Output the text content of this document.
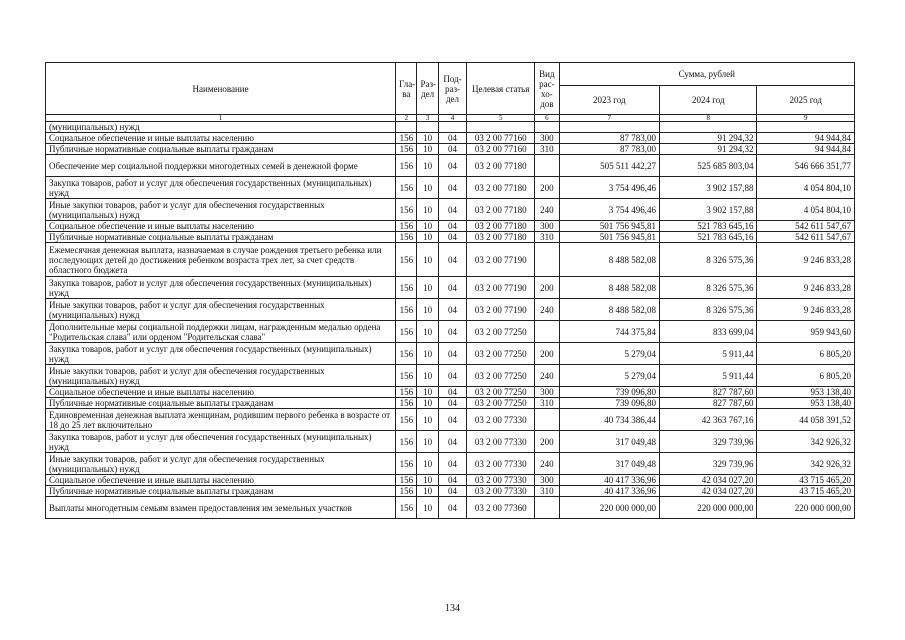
Наименование	Гла-ва	Раз-дел	Под-раз-дел	Целевая статья	Вид рас-хо-дов	Сумма, рублей		
						2023 год	2024 год	2025 год
1	2	3	4	5	6	7	8	9
(муниципальных) нужд								
Социальное обеспечение и иные выплаты населению	156	10	04	03 2 00 77160	300	87 783,00	91 294,32	94 944,84
Публичные нормативные социальные выплаты гражданам	156	10	04	03 2 00 77160	310	87 783,00	91 294,32	94 944,84
Обеспечение мер социальной поддержки многодетных семей в денежной форме	156	10	04	03 2 00 77180		505 511 442,27	525 685 803,04	546 666 351,77
Закупка товаров, работ и услуг для обеспечения государственных (муниципальных) нужд	156	10	04	03 2 00 77180	200	3 754 496,46	3 902 157,88	4 054 804,10
Иные закупки товаров, работ и услуг для обеспечения государственных (муниципальных) нужд	156	10	04	03 2 00 77180	240	3 754 496,46	3 902 157,88	4 054 804,10
Социальное обеспечение и иные выплаты населению	156	10	04	03 2 00 77180	300	501 756 945,81	521 783 645,16	542 611 547,67
Публичные нормативные социальные выплаты гражданам	156	10	04	03 2 00 77180	310	501 756 945,81	521 783 645,16	542 611 547,67
Ежемесячная денежная выплата, назначаемая в случае рождения третьего ребенка или последующих детей до достижения ребенком возраста трех лет, за счет средств областного бюджета	156	10	04	03 2 00 77190		8 488 582,08	8 326 575,36	9 246 833,28
Закупка товаров, работ и услуг для обеспечения государственных (муниципальных) нужд	156	10	04	03 2 00 77190	200	8 488 582,08	8 326 575,36	9 246 833,28
Иные закупки товаров, работ и услуг для обеспечения государственных (муниципальных) нужд	156	10	04	03 2 00 77190	240	8 488 582,08	8 326 575,36	9 246 833,28
Дополнительные меры социальной поддержки лицам, награжденным медалью ордена "Родительская слава" или орденом "Родительская слава"	156	10	04	03 2 00 77250		744 375,84	833 699,04	959 943,60
Закупка товаров, работ и услуг для обеспечения государственных (муниципальных) нужд	156	10	04	03 2 00 77250	200	5 279,04	5 911,44	6 805,20
Иные закупки товаров, работ и услуг для обеспечения государственных (муниципальных) нужд	156	10	04	03 2 00 77250	240	5 279,04	5 911,44	6 805,20
Социальное обеспечение и иные выплаты населению	156	10	04	03 2 00 77250	300	739 096,80	827 787,60	953 138,40
Публичные нормативные социальные выплаты гражданам	156	10	04	03 2 00 77250	310	739 096,80	827 787,60	953 138,40
Единовременная денежная выплата женщинам, родившим первого ребенка в возрасте от 18 до 25 лет включительно	156	10	04	03 2 00 77330		40 734 386,44	42 363 767,16	44 058 391,52
Закупка товаров, работ и услуг для обеспечения государственных (муниципальных) нужд	156	10	04	03 2 00 77330	200	317 049,48	329 739,96	342 926,32
Иные закупки товаров, работ и услуг для обеспечения государственных (муниципальных) нужд	156	10	04	03 2 00 77330	240	317 049,48	329 739,96	342 926,32
Социальное обеспечение и иные выплаты населению	156	10	04	03 2 00 77330	300	40 417 336,96	42 034 027,20	43 715 465,20
Публичные нормативные социальные выплаты гражданам	156	10	04	03 2 00 77330	310	40 417 336,96	42 034 027,20	43 715 465,20
Выплаты многодетным семьям взамен предоставления им земельных участков	156	10	04	03 2 00 77360		220 000 000,00	220 000 000,00	220 000 000,00
134
